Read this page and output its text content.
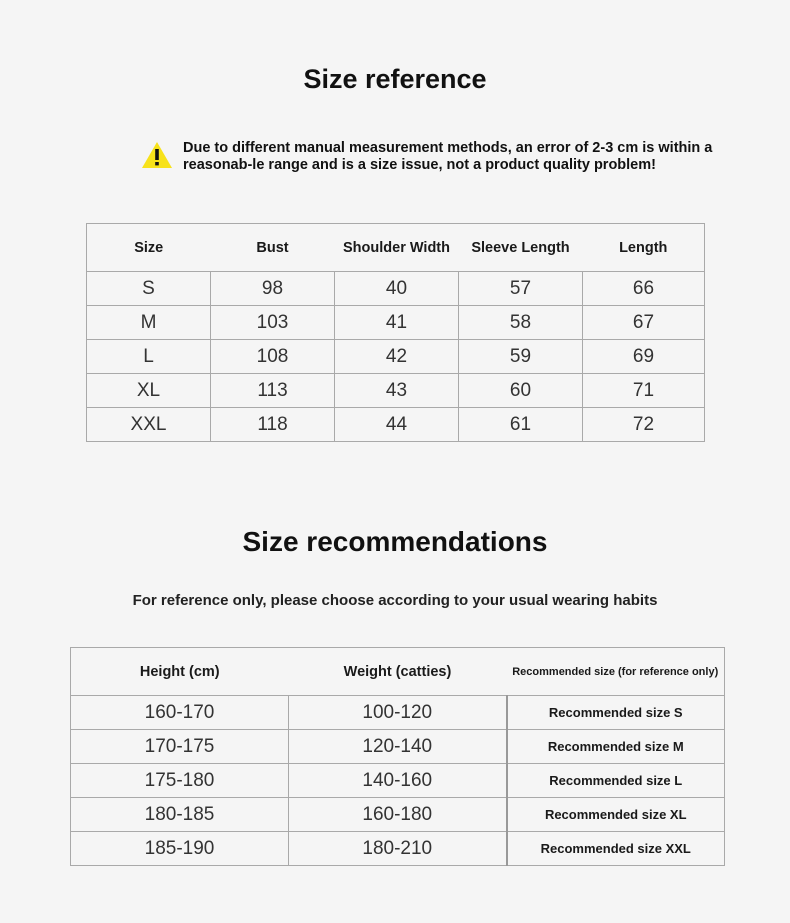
Size reference
Due to different manual measurement methods, an error of 2-3 cm is within a reasonab-le range and is a size issue, not a product quality problem!
Size	Bust	Shoulder Width	Sleeve Length	Length
S	98	40	57	66
M	103	41	58	67
L	108	42	59	69
XL	113	43	60	71
XXL	118	44	61	72
Size recommendations
For reference only, please choose according to your usual wearing habits
Height (cm)	Weight (catties)	Recommended size (for reference only)
160-170	100-120	Recommended size S
170-175	120-140	Recommended size M
175-180	140-160	Recommended size L
180-185	160-180	Recommended size XL
185-190	180-210	Recommended size XXL
